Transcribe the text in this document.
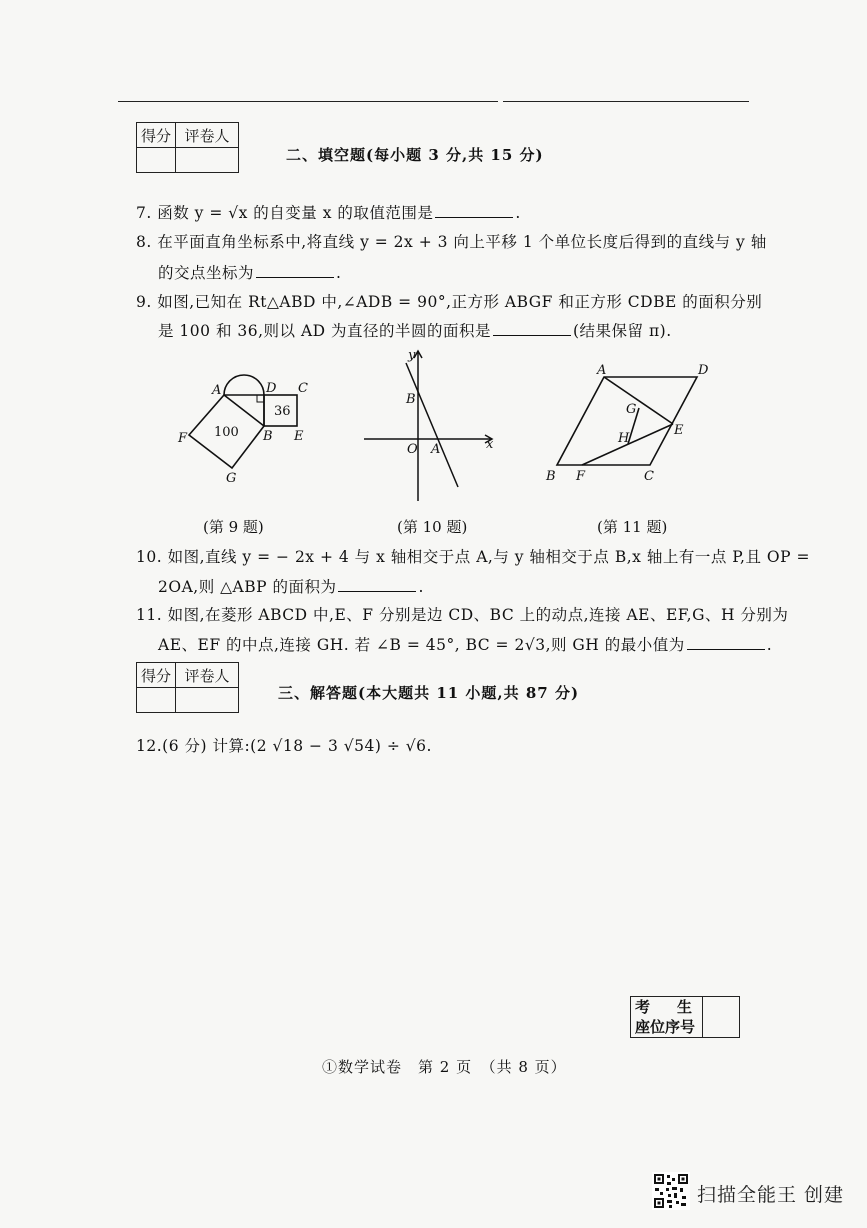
得分	评卷人

二、填空题(每小题 3 分,共 15 分)
7. 函数 y = √x 的自变量 x 的取值范围是	.
8. 在平面直角坐标系中,将直线 y = 2x + 3 向上平移 1 个单位长度后得到的直线与 y 轴
的交点坐标为	.
9. 如图,已知在 Rt△ABD 中,∠ADB = 90°,正方形 ABGF 和正方形 CDBE 的面积分别
是 100 和 36,则以 AD 为直径的半圆的面积是	(结果保留 π).
A	D C
B E
F
G
100
36
(第 9 题)
y
x
O A
B
(第 10 题)
A	D
E
C
F
B
G
H
(第 11 题)
10. 如图,直线 y = − 2x + 4 与 x 轴相交于点 A,与 y 轴相交于点 B,x 轴上有一点 P,且 OP =
2OA,则 △ABP 的面积为	.
11. 如图,在菱形 ABCD 中,E、F 分别是边 CD、BC 上的动点,连接 AE、EF,G、H 分别为
AE、EF 的中点,连接 GH. 若 ∠B = 45°, BC = 2√3,则 GH 的最小值为	.
得分	评卷人

三、解答题(本大题共 11 小题,共 87 分)
12.(6 分) 计算:(2 √18 − 3 √54) ÷ √6.
考　生
座位序号

①数学试卷　第 2 页　（共 8 页）
扫描全能王 创建
